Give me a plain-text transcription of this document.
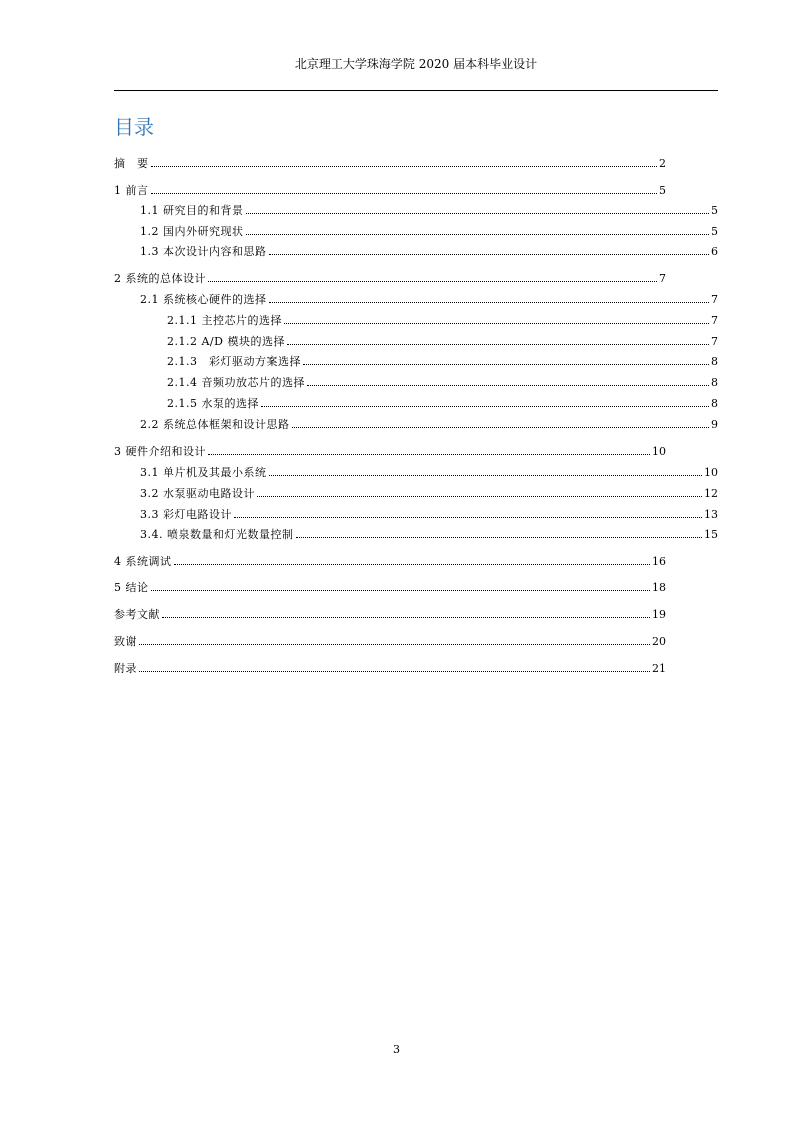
北京理工大学珠海学院 2020 届本科毕业设计
目录
摘　要	2
1 前言	5
1.1 研究目的和背景	5
1.2 国内外研究现状	5
1.3 本次设计内容和思路	6
2 系统的总体设计	7
2.1 系统核心硬件的选择	7
2.1.1 主控芯片的选择	7
2.1.2 A/D 模块的选择	7
2.1.3　彩灯驱动方案选择	8
2.1.4 音频功放芯片的选择	8
2.1.5 水泵的选择	8
2.2 系统总体框架和设计思路	9
3 硬件介绍和设计	10
3.1 单片机及其最小系统	10
3.2 水泵驱动电路设计	12
3.3 彩灯电路设计	13
3.4. 喷泉数量和灯光数量控制	15
4 系统调试	16
5 结论	18
参考文献	19
致谢	20
附录	21
3
